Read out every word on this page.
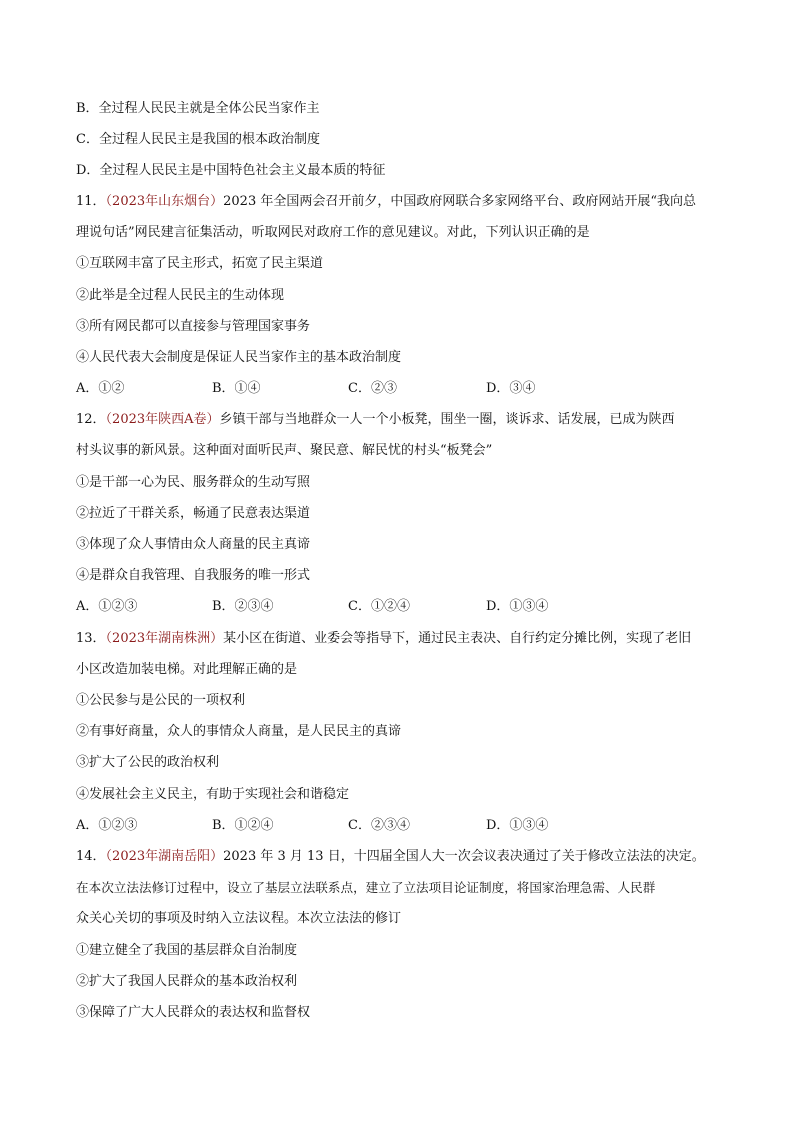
B．全过程人民民主就是全体公民当家作主
C．全过程人民民主是我国的根本政治制度
D．全过程人民民主是中国特色社会主义最本质的特征
11．（2023年山东烟台）2023 年全国两会召开前夕，中国政府网联合多家网络平台、政府网站开展“我向总
理说句话”网民建言征集活动，听取网民对政府工作的意见建议。对此，下列认识正确的是
①互联网丰富了民主形式，拓宽了民主渠道
②此举是全过程人民民主的生动体现
③所有网民都可以直接参与管理国家事务
④人民代表大会制度是保证人民当家作主的基本政治制度
A．①②	B．①④	C．②③	D．③④
12．（2023年陕西A卷）乡镇干部与当地群众一人一个小板凳，围坐一圈，谈诉求、话发展，已成为陕西
村头议事的新风景。这种面对面听民声、聚民意、解民忧的村头“板凳会”
①是干部一心为民、服务群众的生动写照
②拉近了干群关系，畅通了民意表达渠道
③体现了众人事情由众人商量的民主真谛
④是群众自我管理、自我服务的唯一形式
A．①②③	B．②③④	C．①②④	D．①③④
13．（2023年湖南株洲）某小区在街道、业委会等指导下，通过民主表决、自行约定分摊比例，实现了老旧
小区改造加装电梯。对此理解正确的是
①公民参与是公民的一项权利
②有事好商量，众人的事情众人商量，是人民民主的真谛
③扩大了公民的政治权利
④发展社会主义民主，有助于实现社会和谐稳定
A．①②③	B．①②④	C．②③④	D．①③④
14．（2023年湖南岳阳）2023 年 3 月 13 日，十四届全国人大一次会议表决通过了关于修改立法法的决定。
在本次立法法修订过程中，设立了基层立法联系点，建立了立法项目论证制度，将国家治理急需、人民群
众关心关切的事项及时纳入立法议程。本次立法法的修订
①建立健全了我国的基层群众自治制度
②扩大了我国人民群众的基本政治权利
③保障了广大人民群众的表达权和监督权
